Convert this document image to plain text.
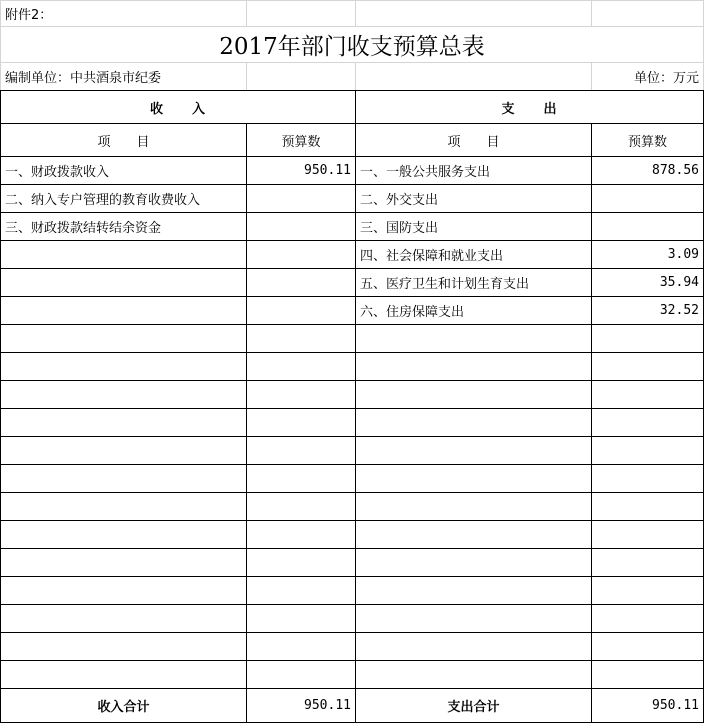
附件2：			
2017年部门收支预算总表			
编制单位：中共酒泉市纪委			单位：万元
收　　入		支　　出	
项　　目	预算数	项　　目	预算数
一、财政拨款收入	950.11	一、一般公共服务支出	878.56
二、纳入专户管理的教育收费收入		二、外交支出	
三、财政拨款结转结余资金		三、国防支出	
		四、社会保障和就业支出	3.09
		五、医疗卫生和计划生育支出	35.94
		六、住房保障支出	32.52

收入合计	950.11	支出合计	950.11
